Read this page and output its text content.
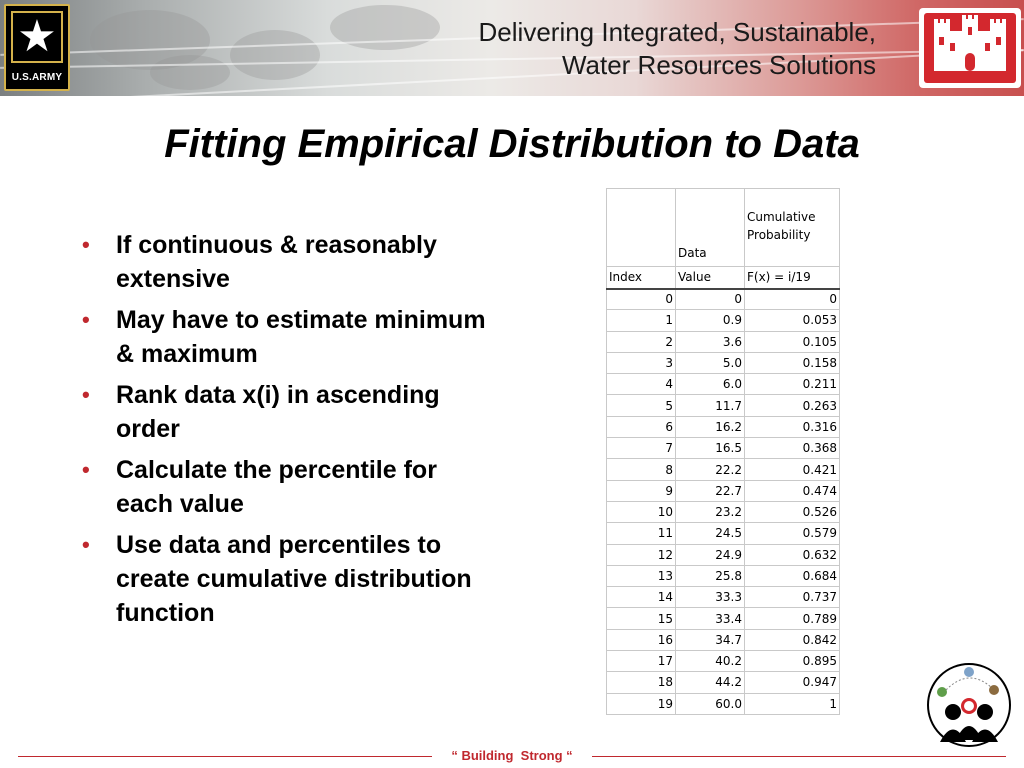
★
U.S.ARMY
Delivering Integrated, Sustainable,
Water Resources Solutions
Fitting Empirical Distribution to Data
• If continuous & reasonably extensive
• May have to estimate minimum & maximum
• Rank data x(i) in ascending order
• Calculate the percentile for each value
• Use data and percentiles to create cumulative distribution function
	Data	Cumulative Probability
Index	Value	F(x) = i/19
0	0	0
1	0.9	0.053
2	3.6	0.105
3	5.0	0.158
4	6.0	0.211
5	11.7	0.263
6	16.2	0.316
7	16.5	0.368
8	22.2	0.421
9	22.7	0.474
10	23.2	0.526
11	24.5	0.579
12	24.9	0.632
13	25.8	0.684
14	33.3	0.737
15	33.4	0.789
16	34.7	0.842
17	40.2	0.895
18	44.2	0.947
19	60.0	1
“ Building  Strong “
